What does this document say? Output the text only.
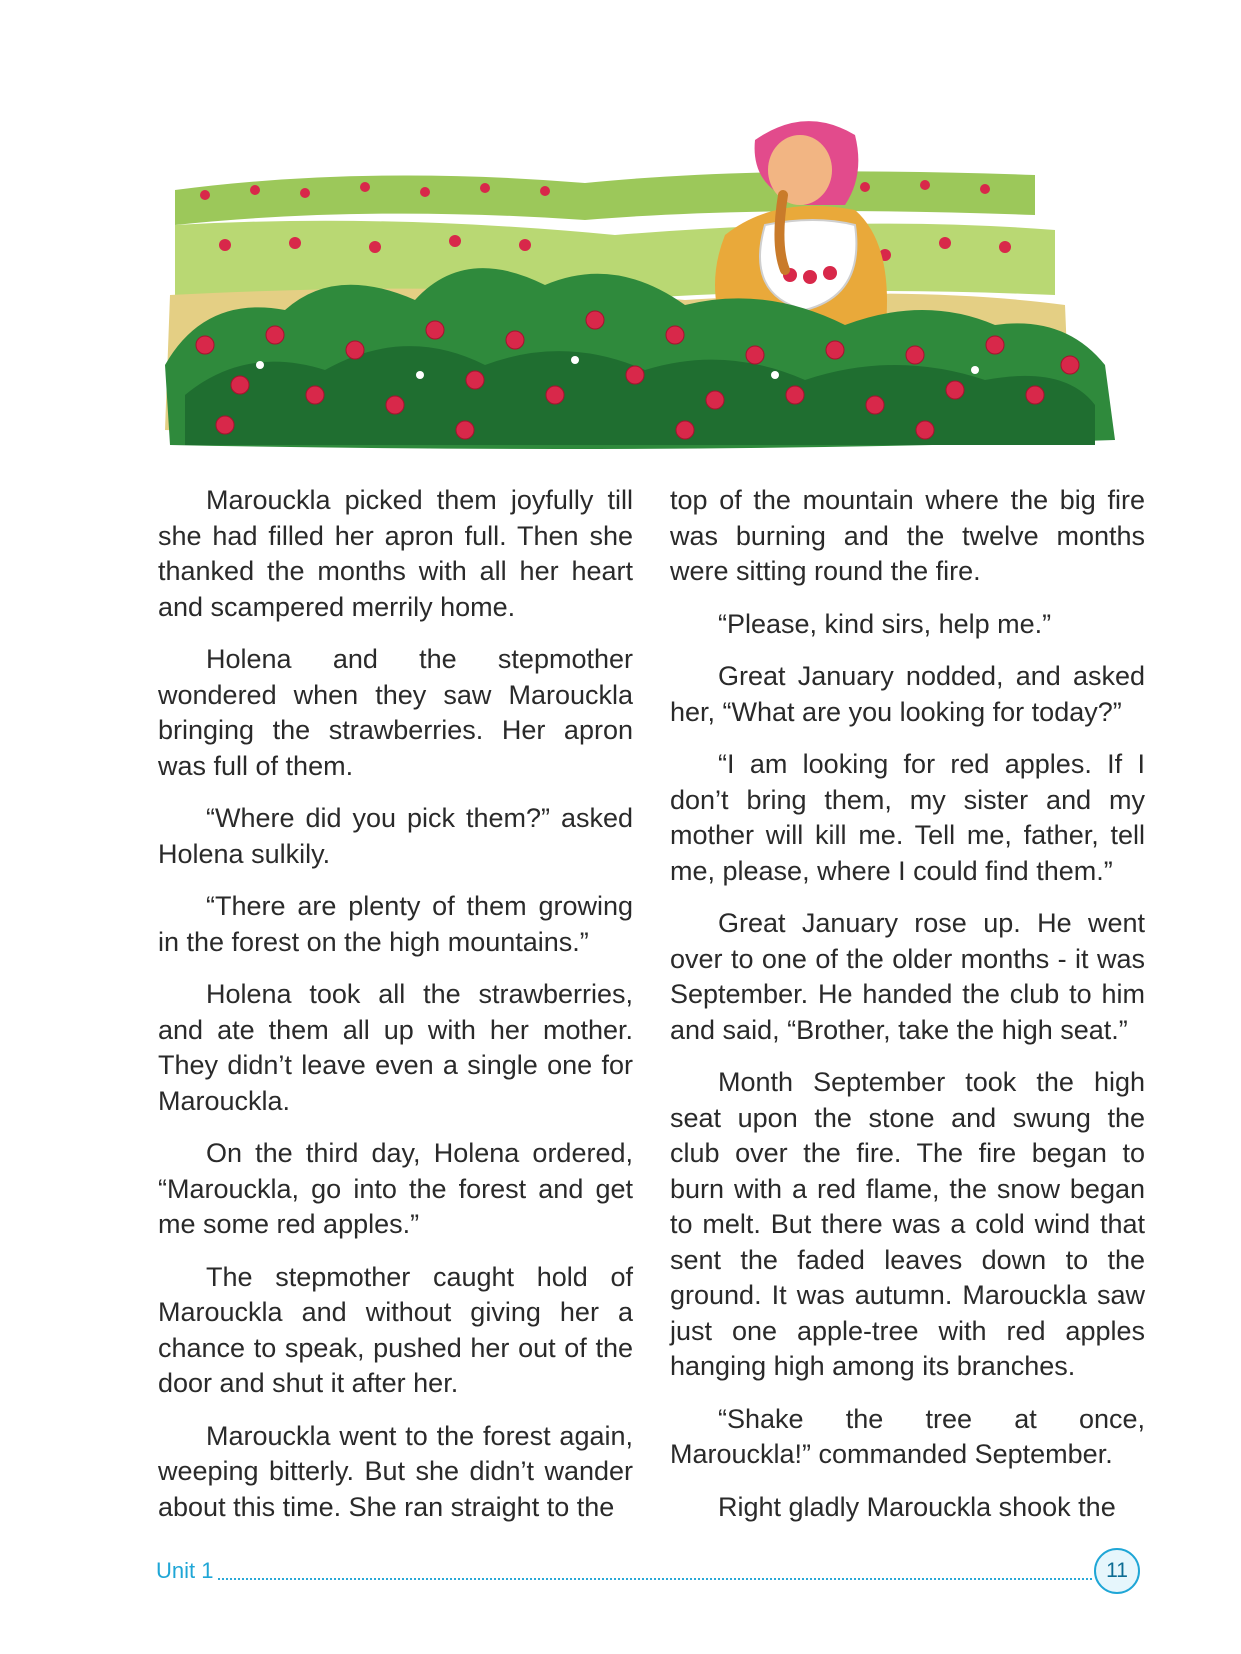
Marouckla picked them joyfully till she had filled her apron full. Then she thanked the months with all her heart and scampered merrily home.

Holena and the stepmother wondered when they saw Marouckla bringing the strawberries. Her apron was full of them.

“Where did you pick them?” asked Holena sulkily.

“There are plenty of them growing in the forest on the high mountains.”

Holena took all the strawberries, and ate them all up with her mother. They didn’t leave even a single one for Marouckla.

On the third day, Holena ordered, “Marouckla, go into the forest and get me some red apples.”

The stepmother caught hold of Marouckla and without giving her a chance to speak, pushed her out of the door and shut it after her.

Marouckla went to the forest again, weeping bitterly. But she didn’t wander about this time. She ran straight to the

top of the mountain where the big fire was burning and the twelve months were sitting round the fire.

“Please, kind sirs, help me.”

Great January nodded, and asked her, “What are you looking for today?”

“I am looking for red apples. If I don’t bring them, my sister and my mother will kill me. Tell me, father, tell me, please, where I could find them.”

Great January rose up. He went over to one of the older months - it was September. He handed the club to him and said, “Brother, take the high seat.”

Month September took the high seat upon the stone and swung the club over the fire. The fire began to burn with a red flame, the snow began to melt. But there was a cold wind that sent the faded leaves down to the ground. It was autumn. Marouckla saw just one apple-tree with red apples hanging high among its branches.

“Shake the tree at once, Marouckla!” commanded September.

Right gladly Marouckla shook the

Unit 1	11
